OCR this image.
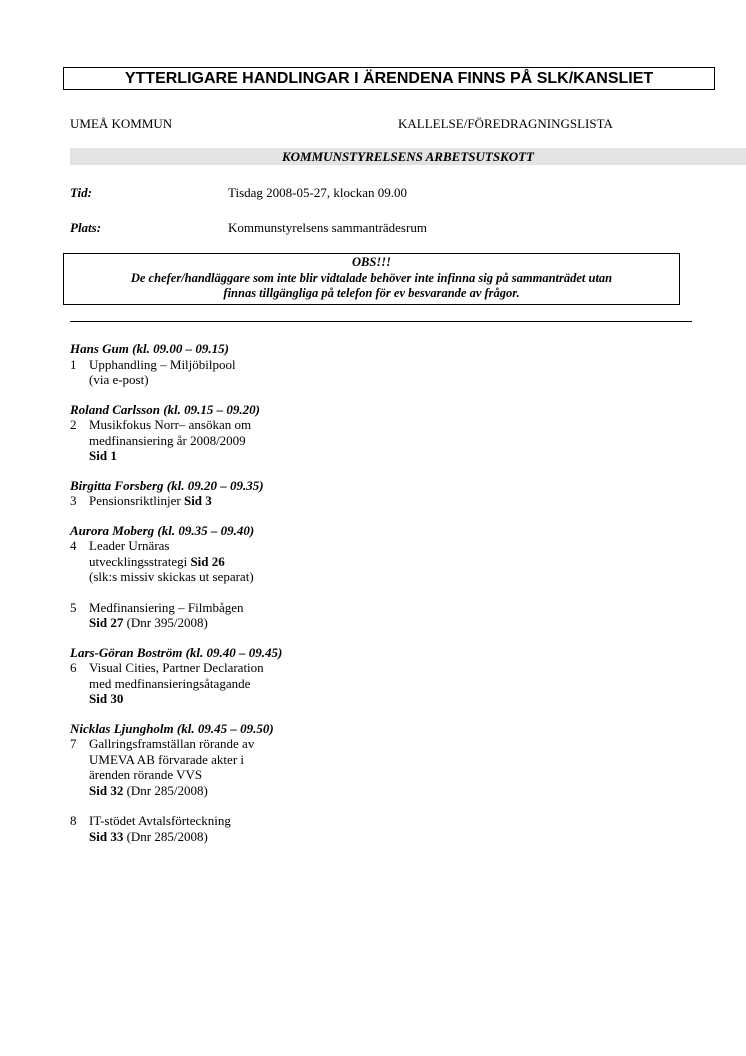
YTTERLIGARE HANDLINGAR I ÄRENDENA FINNS PÅ SLK/KANSLIET
UMEÅ KOMMUN	KALLELSE/FÖREDRAGNINGSLISTA
KOMMUNSTYRELSENS ARBETSUTSKOTT
Tid:	Tisdag 2008-05-27, klockan 09.00
Plats:	Kommunstyrelsens sammanträdesrum
OBS!!!
De chefer/handläggare som inte blir vidtalade behöver inte infinna sig på sammanträdet utan
finnas tillgängliga på telefon för ev besvarande av frågor.
Hans Gum (kl. 09.00 – 09.15)
1 Upphandling – Miljöbilpool
(via e-post)
Roland Carlsson (kl. 09.15 – 09.20)
2 Musikfokus Norr– ansökan om
medfinansiering år 2008/2009
Sid 1
Birgitta Forsberg (kl. 09.20 – 09.35)
3 Pensionsriktlinjer Sid 3
Aurora Moberg (kl. 09.35 – 09.40)
4 Leader Urnäras
utvecklingsstrategi Sid 26
(slk:s missiv skickas ut separat)
5 Medfinansiering – Filmbågen
Sid 27 (Dnr 395/2008)
Lars-Göran Boström (kl. 09.40 – 09.45)
6 Visual Cities, Partner Declaration
med medfinansieringsåtagande
Sid 30
Nicklas Ljungholm (kl. 09.45 – 09.50)
7 Gallringsframställan rörande av
UMEVA AB förvarade akter i
ärenden rörande VVS
Sid 32 (Dnr 285/2008)
8 IT-stödet Avtalsförteckning
Sid 33 (Dnr 285/2008)
